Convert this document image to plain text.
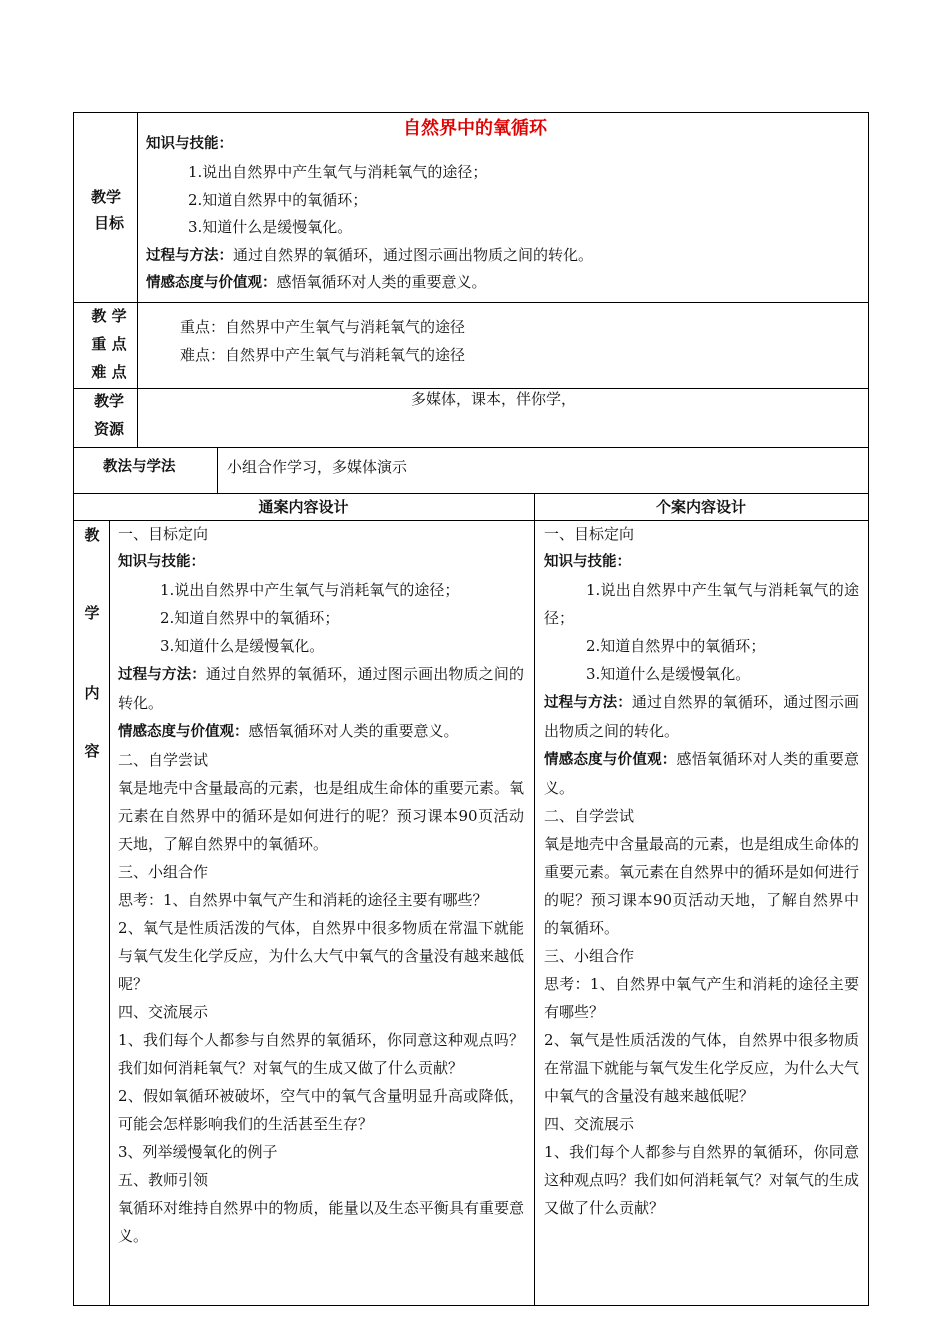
自然界中的氧循环
教学
目标
知识与技能：
1.说出自然界中产生氧气与消耗氧气的途径；
2.知道自然界中的氧循环；
3.知道什么是缓慢氧化。
过程与方法：通过自然界的氧循环，通过图示画出物质之间的转化。
情感态度与价值观：感悟氧循环对人类的重要意义。
教 学
重 点
难 点
重点：自然界中产生氧气与消耗氧气的途径
难点：自然界中产生氧气与消耗氧气的途径
教学
资源
多媒体，课本，伴你学，
教法与学法	小组合作学习，多媒体演示
通案内容设计	个案内容设计
教
学
内
容
一、目标定向
知识与技能：
1.说出自然界中产生氧气与消耗氧气的途径；
2.知道自然界中的氧循环；
3.知道什么是缓慢氧化。
过程与方法：通过自然界的氧循环，通过图示画出物质之间的转化。
情感态度与价值观：感悟氧循环对人类的重要意义。
二、自学尝试
氧是地壳中含量最高的元素，也是组成生命体的重要元素。氧元素在自然界中的循环是如何进行的呢？预习课本90页活动天地，了解自然界中的氧循环。
三、小组合作
思考：1、自然界中氧气产生和消耗的途径主要有哪些？
2、氧气是性质活泼的气体，自然界中很多物质在常温下就能与氧气发生化学反应，为什么大气中氧气的含量没有越来越低呢？
四、交流展示
1、我们每个人都参与自然界的氧循环，你同意这种观点吗？我们如何消耗氧气？对氧气的生成又做了什么贡献？
2、假如氧循环被破坏，空气中的氧气含量明显升高或降低，可能会怎样影响我们的生活甚至生存？
3、列举缓慢氧化的例子
五、教师引领
氧循环对维持自然界中的物质，能量以及生态平衡具有重要意义。
一、目标定向
知识与技能：
1.说出自然界中产生氧气与消耗氧气的途径；
2.知道自然界中的氧循环；
3.知道什么是缓慢氧化。
过程与方法：通过自然界的氧循环，通过图示画出物质之间的转化。
情感态度与价值观：感悟氧循环对人类的重要意义。
二、自学尝试
氧是地壳中含量最高的元素，也是组成生命体的重要元素。氧元素在自然界中的循环是如何进行的呢？预习课本90页活动天地，了解自然界中的氧循环。
三、小组合作
思考：1、自然界中氧气产生和消耗的途径主要有哪些？
2、氧气是性质活泼的气体，自然界中很多物质在常温下就能与氧气发生化学反应，为什么大气中氧气的含量没有越来越低呢？
四、交流展示
1、我们每个人都参与自然界的氧循环，你同意这种观点吗？我们如何消耗氧气？对氧气的生成又做了什么贡献？
